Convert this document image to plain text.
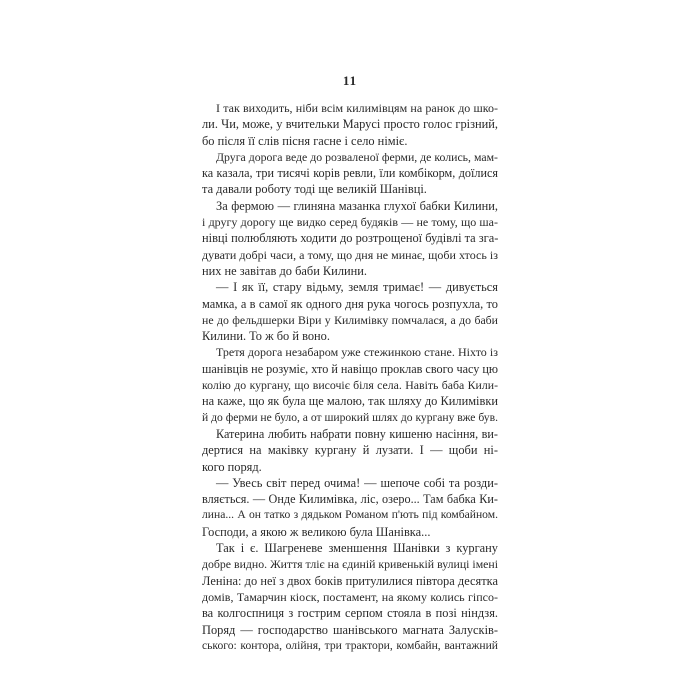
11
І так виходить, ніби всім килимівцям на ранок до шко-
ли. Чи, може, у вчительки Марусі просто голос грізний,
бо після її слів пісня гасне і село німіє.
Друга дорога веде до розваленої ферми, де колись, мам-
ка казала, три тисячі корів ревли, їли комбікорм, доїлися
та давали роботу тоді ще великій Шанівці.
За фермою — глиняна мазанка глухої бабки Килини,
і другу дорогу ще видко серед будяків — не тому, що ша-
нівці полюбляють ходити до розтрощеної будівлі та зга-
дувати добрі часи, а тому, що дня не минає, щоби хтось із
них не завітав до баби Килини.
— І як її, стару відьму, земля тримає! — дивується
мамка, а в самої як одного дня рука чогось розпухла, то
не до фельдшерки Віри у Килимівку помчалася, а до баби
Килини. То ж бо й воно.
Третя дорога незабаром уже стежинкою стане. Ніхто із
шанівців не розуміє, хто й навіщо проклав свого часу цю
колію до кургану, що височіє біля села. Навіть баба Кили-
на каже, що як була ще малою, так шляху до Килимівки
й до ферми не було, а от широкий шлях до кургану вже був.
Катерина любить набрати повну кишеню насіння, ви-
дертися на маківку кургану й лузати. І — щоби ні-
кого поряд.
— Увесь світ перед очима! — шепоче собі та розди-
вляється. — Онде Килимівка, ліс, озеро... Там бабка Ки-
лина... А он татко з дядьком Романом п'ють під комбайном.
Господи, а якою ж великою була Шанівка...
Так і є. Шагреневе зменшення Шанівки з кургану
добре видно. Життя тліє на єдиній кривенькій вулиці імені
Леніна: до неї з двох боків притулилися півтора десятка
домів, Тамарчин кіоск, постамент, на якому колись гіпсо-
ва колгоспниця з гострим серпом стояла в позі ніндзя.
Поряд — господарство шанівського магната Залусків-
ського: контора, олійня, три трактори, комбайн, вантажний
